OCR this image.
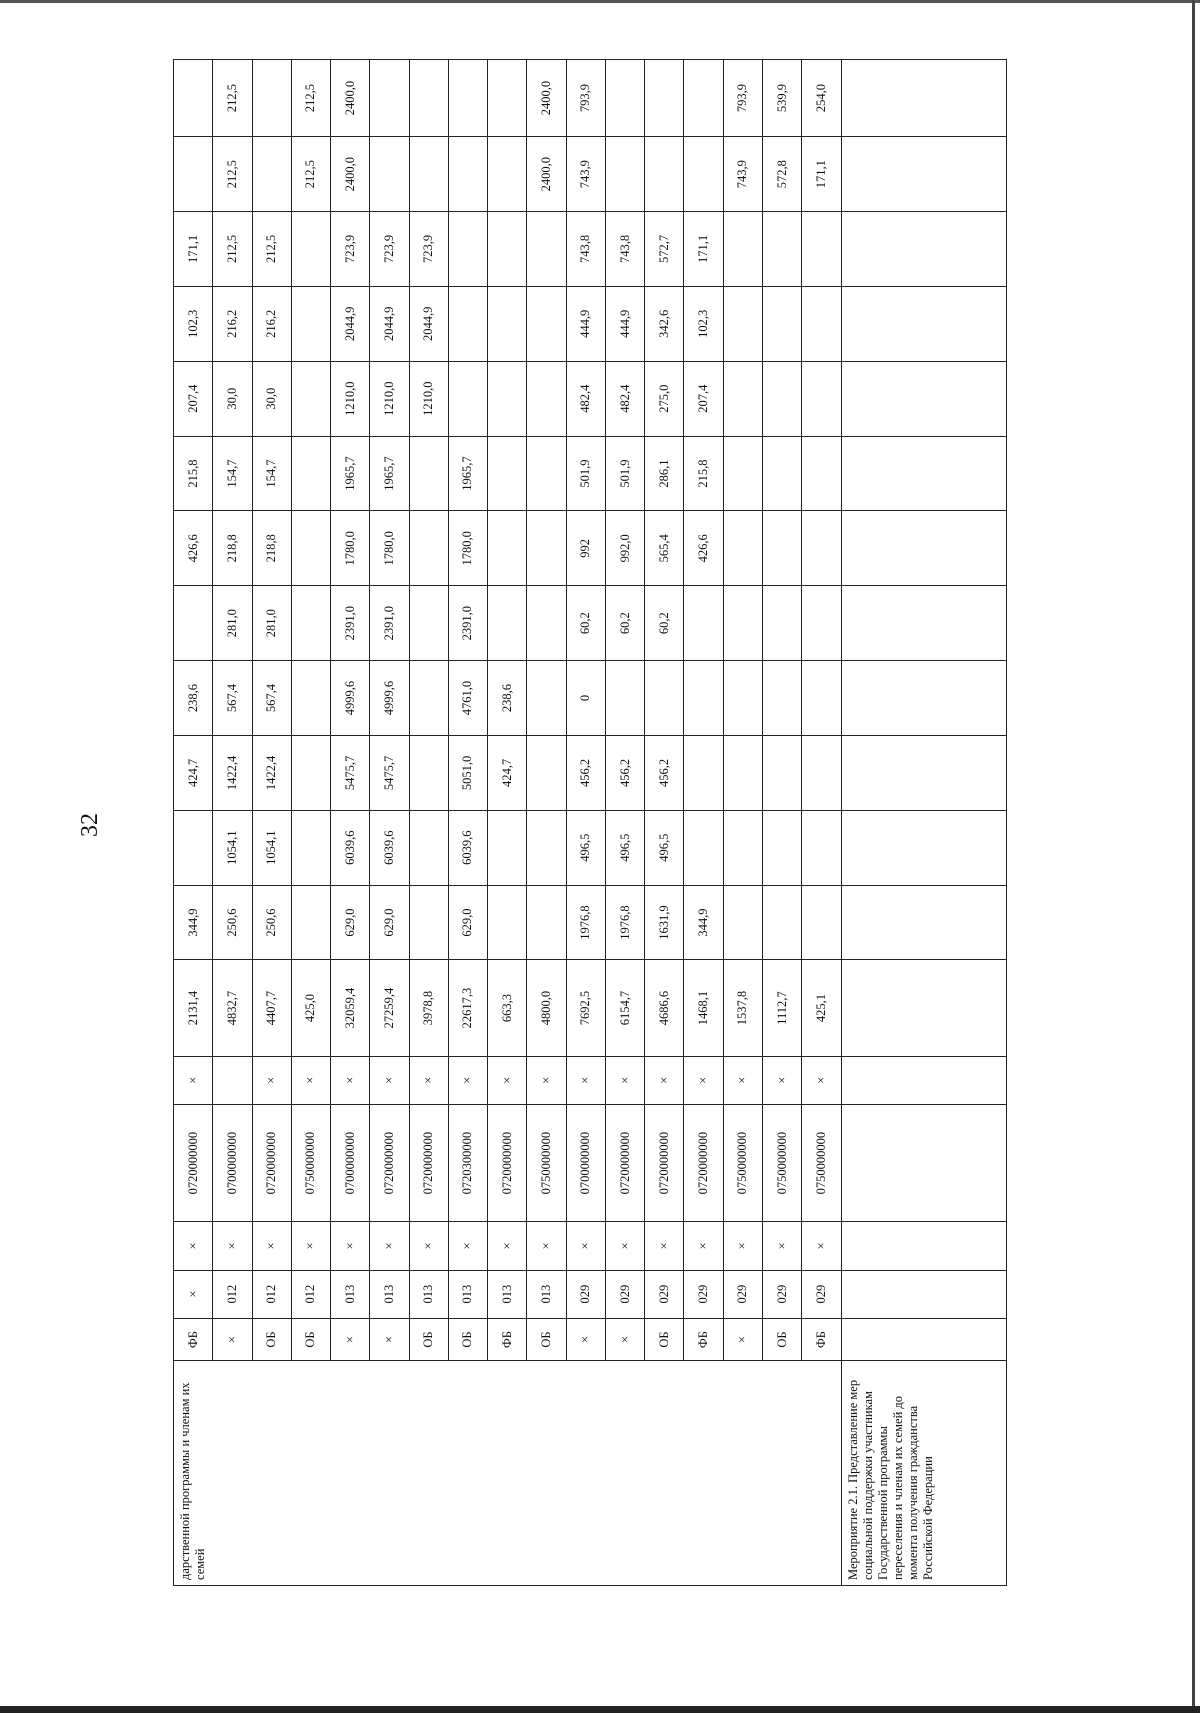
32
дарственной программы и членам их семей	ФБ	×	×	0720000000	×	2131,4	344,9		424,7	238,6		426,6	215,8	207,4	102,3	171,1		
	×	012	×	0700000000		4832,7	250,6	1054,1	1422,4	567,4	281,0	218,8	154,7	30,0	216,2	212,5	212,5	212,5
	ОБ	012	×	0720000000	×	4407,7	250,6	1054,1	1422,4	567,4	281,0	218,8	154,7	30,0	216,2	212,5		
	ОБ	012	×	0750000000	×	425,0											212,5	212,5
	×	013	×	0700000000	×	32059,4	629,0	6039,6	5475,7	4999,6	2391,0	1780,0	1965,7	1210,0	2044,9	723,9	2400,0	2400,0
	×	013	×	0720000000	×	27259,4	629,0	6039,6	5475,7	4999,6	2391,0	1780,0	1965,7	1210,0	2044,9	723,9		
	ОБ	013	×	0720000000	×	3978,8								1210,0	2044,9	723,9		
	ОБ	013	×	0720300000	×	22617,3	629,0	6039,6	5051,0	4761,0	2391,0	1780,0	1965,7					
	ФБ	013	×	0720000000	×	663,3			424,7	238,6								
	ОБ	013	×	0750000000	×	4800,0											2400,0	2400,0
	×	029	×	0700000000	×	7692,5	1976,8	496,5	456,2	0	60,2	992	501,9	482,4	444,9	743,8	743,9	793,9
	×	029	×	0720000000	×	6154,7	1976,8	496,5	456,2		60,2	992,0	501,9	482,4	444,9	743,8		
	ОБ	029	×	0720000000	×	4686,6	1631,9	496,5	456,2		60,2	565,4	286,1	275,0	342,6	572,7		
	ФБ	029	×	0720000000	×	1468,1	344,9					426,6	215,8	207,4	102,3	171,1		
	×	029	×	0750000000	×	1537,8											743,9	793,9
	ОБ	029	×	0750000000	×	1112,7											572,8	539,9
	ФБ	029	×	0750000000	×	425,1											171,1	254,0
Мероприятие 2.1. Представление мер социальной поддержки участникам Государственной программы переселения и членам их семей до момента получения гражданства Российской Федерации																		
